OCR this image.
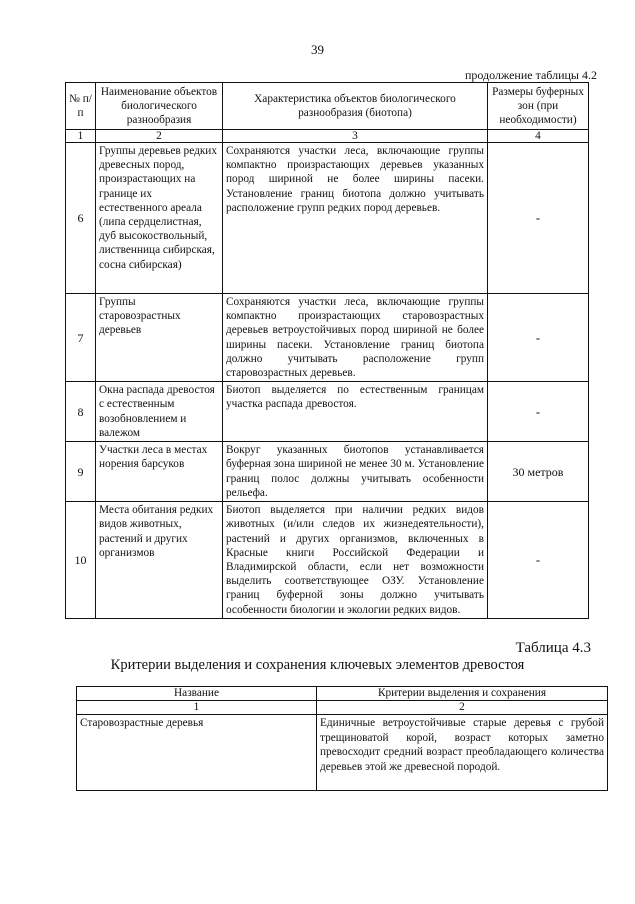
39
продолжение таблицы 4.2
№ п/п	Наименование объектов биологического разнообразия	Характеристика объектов биологического разнообразия (биотопа)	Размеры буферных зон (при необходимости)
1	2	3	4
6	Группы деревьев редких древесных пород, произрастающих на границе их естественного ареала (липа сердцелистная, дуб высокоствольный, лиственница сибирская, сосна сибирская)	Сохраняются участки леса, включающие группы компактно произрастающих деревьев указанных пород шириной не более ширины пасеки. Установление границ биотопа должно учитывать расположение групп редких пород деревьев.	-
7	Группы старовозрастных деревьев	Сохраняются участки леса, включающие группы компактно произрастающих старовозрастных деревьев ветроустойчивых пород шириной не более ширины пасеки. Установление границ биотопа должно учитывать расположение групп старовозрастных деревьев.	-
8	Окна распада древостоя с естественным возобновлением и валежом	Биотоп выделяется по естественным границам участка распада древостоя.	-
9	Участки леса в местах норения барсуков	Вокруг указанных биотопов устанавливается буферная зона шириной не менее 30 м. Установление границ полос должны учитывать особенности рельефа.	30 метров
10	Места обитания редких видов животных, растений и других организмов	Биотоп выделяется при наличии редких видов животных (и/или следов их жизнедеятельности), растений и других организмов, включенных в Красные книги Российской Федерации и Владимирской области, если нет возможности выделить соответствующее ОЗУ. Установление границ буферной зоны должно учитывать особенности биологии и экологии редких видов.	-
Таблица 4.3
Критерии выделения и сохранения ключевых элементов древостоя
Название	Критерии выделения и сохранения
1	2
Старовозрастные деревья	Единичные ветроустойчивые старые деревья с грубой трещиноватой корой, возраст которых заметно превосходит средний возраст преобладающего количества деревьев этой же древесной породой.
